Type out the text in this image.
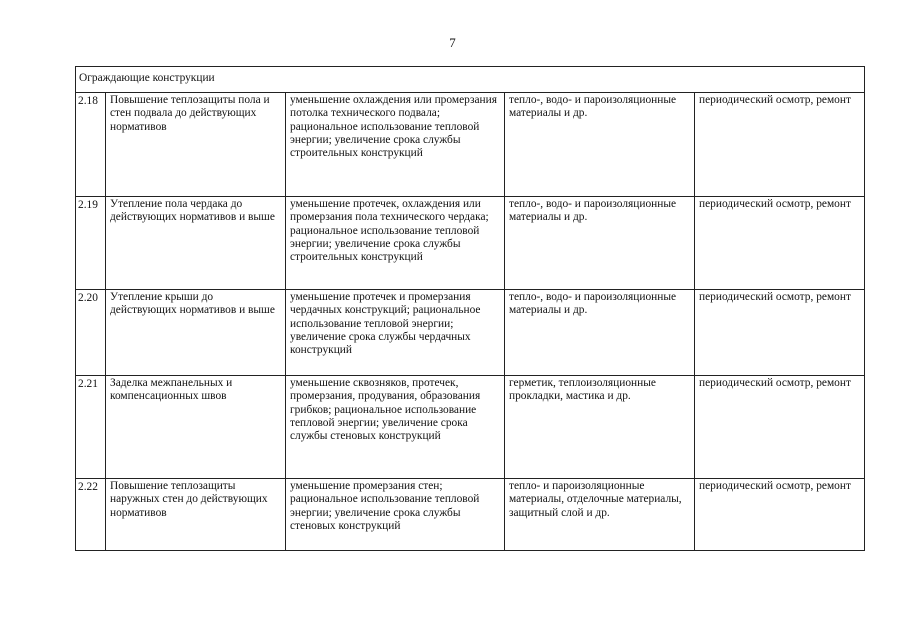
7
Ограждающие конструкции				
2.18	Повышение теплозащиты пола и стен подвала до действующих нормативов	уменьшение охлаждения или промерзания потолка технического подвала; рациональное использование тепловой энергии; увеличение срока службы строительных конструкций	тепло-, водо- и пароизоляционные материалы и др.	периодический осмотр, ремонт
2.19	Утепление пола чердака до действующих нормативов и выше	уменьшение протечек, охлаждения или промерзания пола технического чердака; рациональное использование тепловой энергии; увеличение срока службы строительных конструкций	тепло-, водо- и пароизоляционные материалы и др.	периодический осмотр, ремонт
2.20	Утепление крыши до действующих нормативов и выше	уменьшение протечек и промерзания чердачных конструкций; рациональное использование тепловой энергии; увеличение срока службы чердачных конструкций	тепло-, водо- и пароизоляционные материалы и др.	периодический осмотр, ремонт
2.21	Заделка межпанельных и компенсационных швов	уменьшение сквозняков, протечек, промерзания, продувания, образования грибков; рациональное использование тепловой энергии; увеличение срока службы стеновых конструкций	герметик, теплоизоляционные прокладки, мастика и др.	периодический осмотр, ремонт
2.22	Повышение теплозащиты наружных стен до действующих нормативов	уменьшение промерзания стен; рациональное использование тепловой энергии; увеличение срока службы стеновых конструкций	тепло- и пароизоляционные материалы, отделочные материалы, защитный слой и др.	периодический осмотр, ремонт
